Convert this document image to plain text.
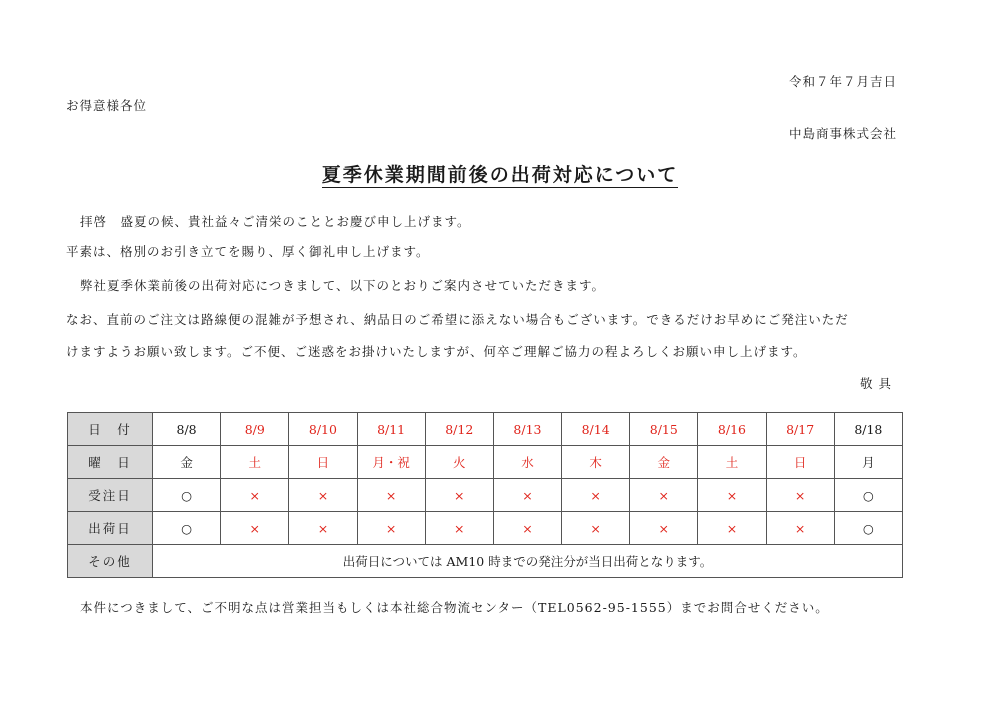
令和７年７月吉日
お得意様各位
中島商事株式会社
夏季休業期間前後の出荷対応について
拝啓　盛夏の候、貴社益々ご清栄のこととお慶び申し上げます。
平素は、格別のお引き立てを賜り、厚く御礼申し上げます。
弊社夏季休業前後の出荷対応につきまして、以下のとおりご案内させていただきます。
なお、直前のご注文は路線便の混雑が予想され、納品日のご希望に添えない場合もございます。できるだけお早めにご発注いただ
けますようお願い致します。ご不便、ご迷惑をお掛けいたしますが、何卒ご理解ご協力の程よろしくお願い申し上げます。
敬具
日　付	8/8	8/9	8/10	8/11	8/12	8/13	8/14	8/15	8/16	8/17	8/18
曜　日	金	土	日	月・祝	火	水	木	金	土	日	月
受注日	○	×	×	×	×	×	×	×	×	×	○
出荷日	○	×	×	×	×	×	×	×	×	×	○
その他	出荷日については AM10 時までの発注分が当日出荷となります。										
本件につきまして、ご不明な点は営業担当もしくは本社総合物流センター（TEL0562-95-1555）までお問合せください。
